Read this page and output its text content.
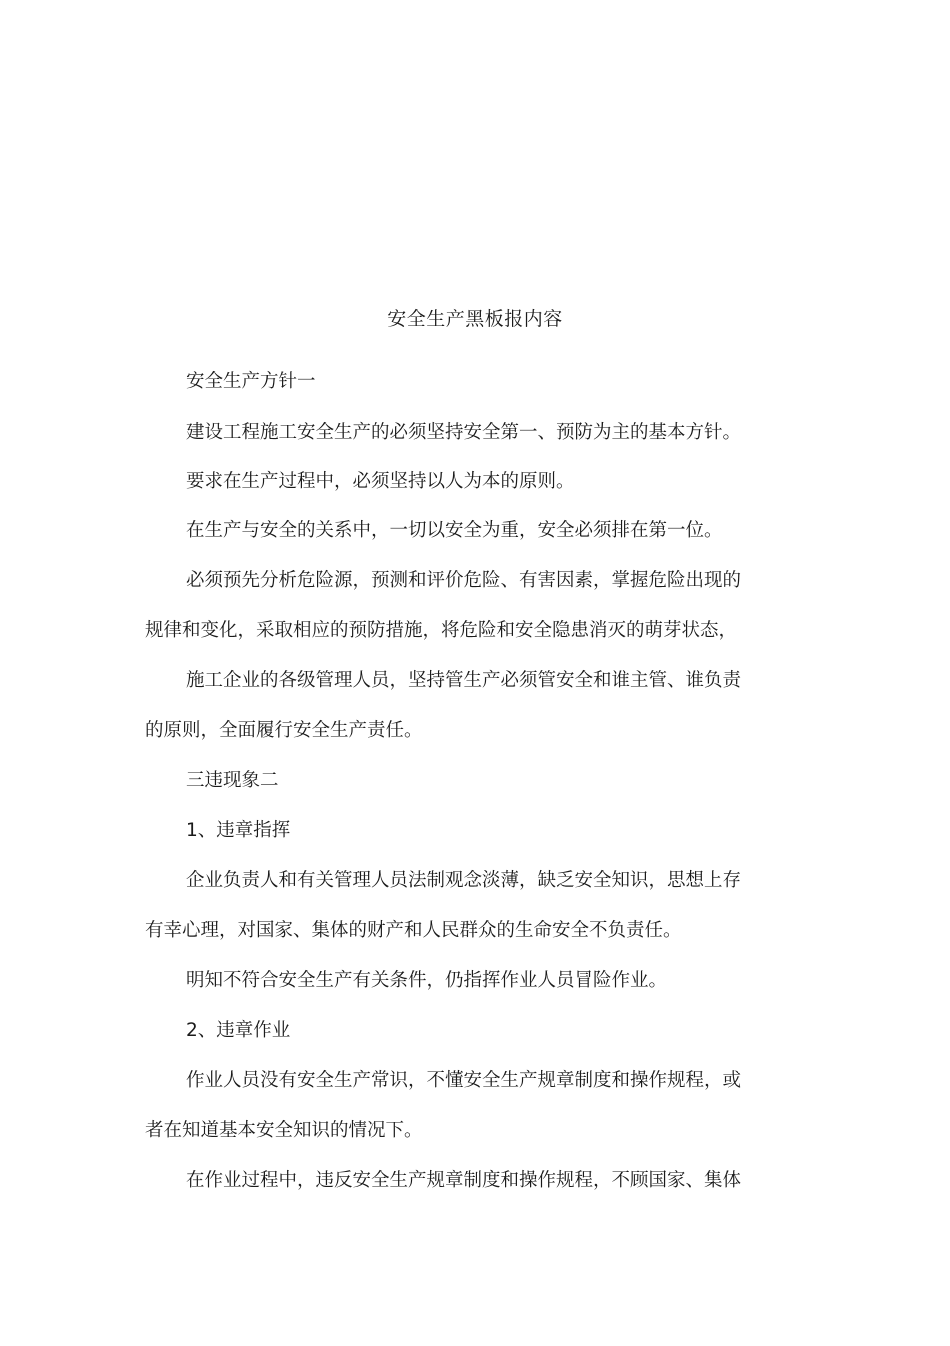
安全生产黑板报内容
安全生产方针一
建设工程施工安全生产的必须坚持安全第一、预防为主的基本方针。
要求在生产过程中，必须坚持以人为本的原则。
在生产与安全的关系中，一切以安全为重，安全必须排在第一位。
必须预先分析危险源，预测和评价危险、有害因素，掌握危险出现的
规律和变化，采取相应的预防措施，将危险和安全隐患消灭的萌芽状态，
施工企业的各级管理人员，坚持管生产必须管安全和谁主管、谁负责
的原则，全面履行安全生产责任。
三违现象二
1、违章指挥
企业负责人和有关管理人员法制观念淡薄，缺乏安全知识，思想上存
有幸心理，对国家、集体的财产和人民群众的生命安全不负责任。
明知不符合安全生产有关条件，仍指挥作业人员冒险作业。
2、违章作业
作业人员没有安全生产常识，不懂安全生产规章制度和操作规程，或
者在知道基本安全知识的情况下。
在作业过程中，违反安全生产规章制度和操作规程，不顾国家、集体
